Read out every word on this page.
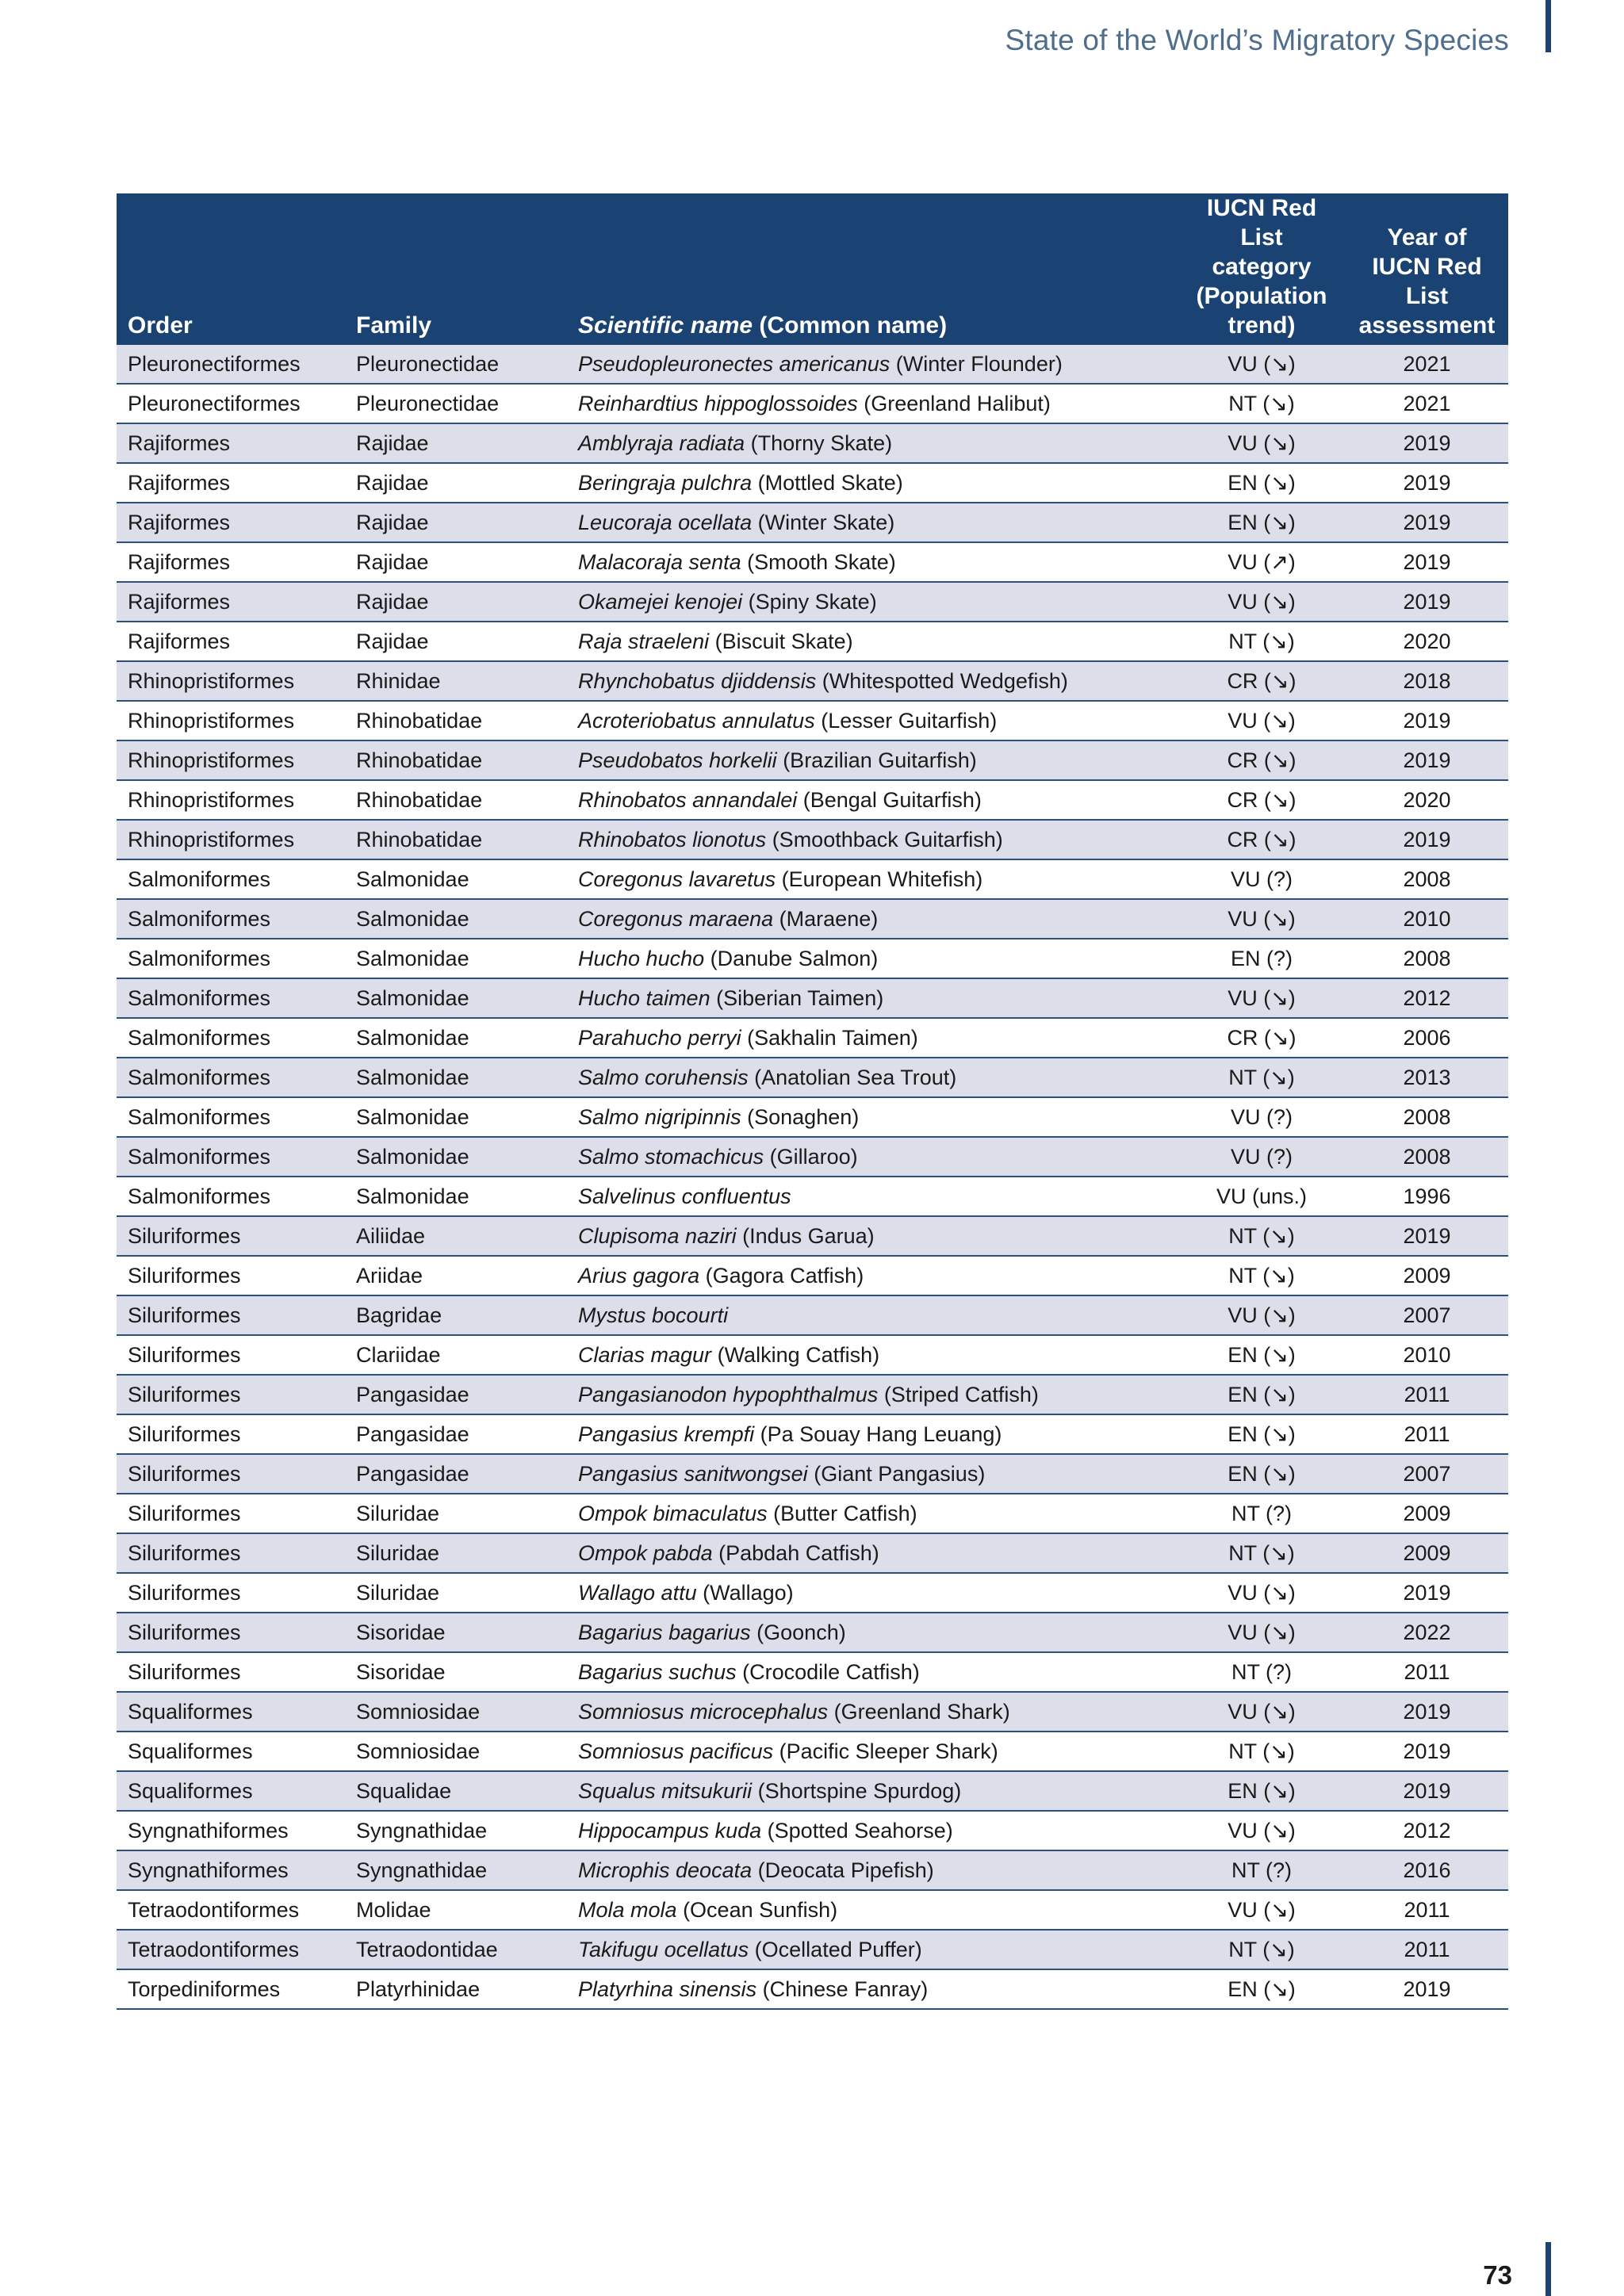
State of the World’s Migratory Species
Order	Family	Scientific name (Common name)	IUCN Red List category (Population trend)	Year of IUCN Red List assessment
Pleuronectiformes	Pleuronectidae	Pseudopleuronectes americanus (Winter Flounder)	VU (↘)	2021
Pleuronectiformes	Pleuronectidae	Reinhardtius hippoglossoides (Greenland Halibut)	NT (↘)	2021
Rajiformes	Rajidae	Amblyraja radiata (Thorny Skate)	VU (↘)	2019
Rajiformes	Rajidae	Beringraja pulchra (Mottled Skate)	EN (↘)	2019
Rajiformes	Rajidae	Leucoraja ocellata (Winter Skate)	EN (↘)	2019
Rajiformes	Rajidae	Malacoraja senta (Smooth Skate)	VU (↗)	2019
Rajiformes	Rajidae	Okamejei kenojei (Spiny Skate)	VU (↘)	2019
Rajiformes	Rajidae	Raja straeleni (Biscuit Skate)	NT (↘)	2020
Rhinopristiformes	Rhinidae	Rhynchobatus djiddensis (Whitespotted Wedgefish)	CR (↘)	2018
Rhinopristiformes	Rhinobatidae	Acroteriobatus annulatus (Lesser Guitarfish)	VU (↘)	2019
Rhinopristiformes	Rhinobatidae	Pseudobatos horkelii (Brazilian Guitarfish)	CR (↘)	2019
Rhinopristiformes	Rhinobatidae	Rhinobatos annandalei (Bengal Guitarfish)	CR (↘)	2020
Rhinopristiformes	Rhinobatidae	Rhinobatos lionotus (Smoothback Guitarfish)	CR (↘)	2019
Salmoniformes	Salmonidae	Coregonus lavaretus (European Whitefish)	VU (?)	2008
Salmoniformes	Salmonidae	Coregonus maraena (Maraene)	VU (↘)	2010
Salmoniformes	Salmonidae	Hucho hucho (Danube Salmon)	EN (?)	2008
Salmoniformes	Salmonidae	Hucho taimen (Siberian Taimen)	VU (↘)	2012
Salmoniformes	Salmonidae	Parahucho perryi (Sakhalin Taimen)	CR (↘)	2006
Salmoniformes	Salmonidae	Salmo coruhensis (Anatolian Sea Trout)	NT (↘)	2013
Salmoniformes	Salmonidae	Salmo nigripinnis (Sonaghen)	VU (?)	2008
Salmoniformes	Salmonidae	Salmo stomachicus (Gillaroo)	VU (?)	2008
Salmoniformes	Salmonidae	Salvelinus confluentus	VU (uns.)	1996
Siluriformes	Ailiidae	Clupisoma naziri (Indus Garua)	NT (↘)	2019
Siluriformes	Ariidae	Arius gagora (Gagora Catfish)	NT (↘)	2009
Siluriformes	Bagridae	Mystus bocourti	VU (↘)	2007
Siluriformes	Clariidae	Clarias magur (Walking Catfish)	EN (↘)	2010
Siluriformes	Pangasidae	Pangasianodon hypophthalmus (Striped Catfish)	EN (↘)	2011
Siluriformes	Pangasidae	Pangasius krempfi (Pa Souay Hang Leuang)	EN (↘)	2011
Siluriformes	Pangasidae	Pangasius sanitwongsei (Giant Pangasius)	EN (↘)	2007
Siluriformes	Siluridae	Ompok bimaculatus (Butter Catfish)	NT (?)	2009
Siluriformes	Siluridae	Ompok pabda (Pabdah Catfish)	NT (↘)	2009
Siluriformes	Siluridae	Wallago attu (Wallago)	VU (↘)	2019
Siluriformes	Sisoridae	Bagarius bagarius (Goonch)	VU (↘)	2022
Siluriformes	Sisoridae	Bagarius suchus (Crocodile Catfish)	NT (?)	2011
Squaliformes	Somniosidae	Somniosus microcephalus (Greenland Shark)	VU (↘)	2019
Squaliformes	Somniosidae	Somniosus pacificus (Pacific Sleeper Shark)	NT (↘)	2019
Squaliformes	Squalidae	Squalus mitsukurii (Shortspine Spurdog)	EN (↘)	2019
Syngnathiformes	Syngnathidae	Hippocampus kuda (Spotted Seahorse)	VU (↘)	2012
Syngnathiformes	Syngnathidae	Microphis deocata (Deocata Pipefish)	NT (?)	2016
Tetraodontiformes	Molidae	Mola mola (Ocean Sunfish)	VU (↘)	2011
Tetraodontiformes	Tetraodontidae	Takifugu ocellatus (Ocellated Puffer)	NT (↘)	2011
Torpediniformes	Platyrhinidae	Platyrhina sinensis (Chinese Fanray)	EN (↘)	2019
73
